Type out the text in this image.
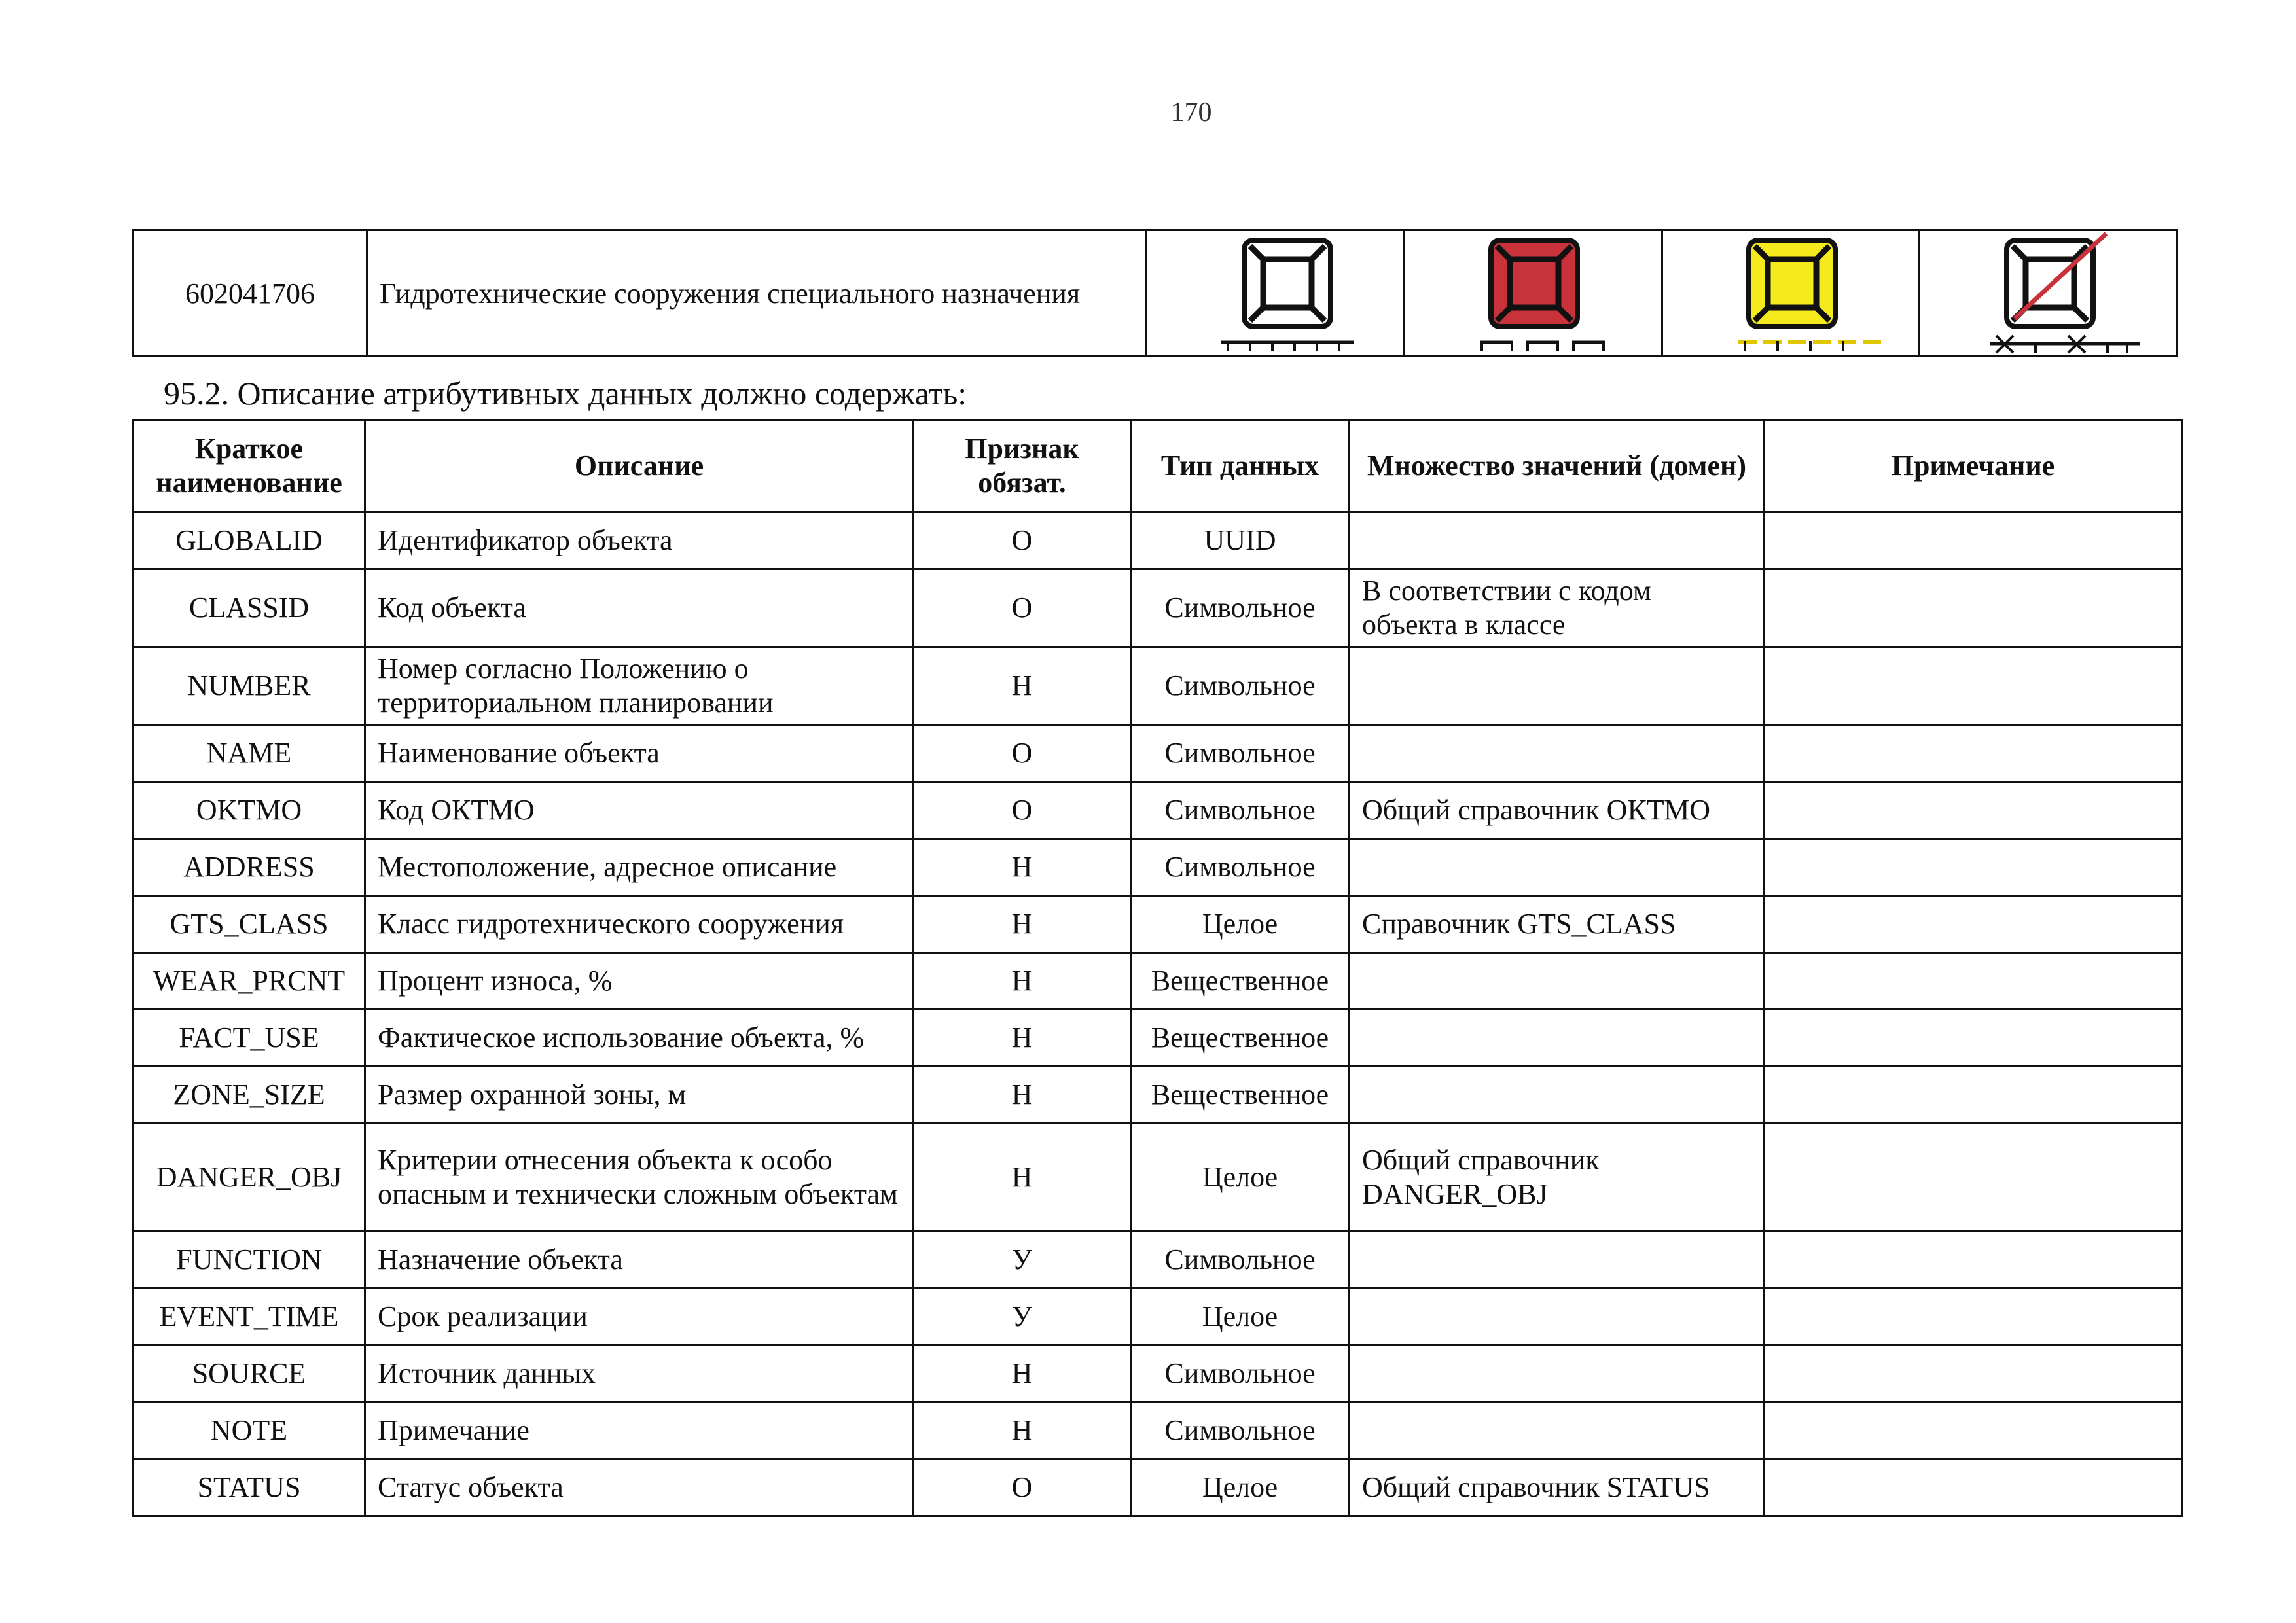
170
602041706	Гидротехнические сооружения специального назначения	

95.2. Описание атрибутивных данных должно содержать:
Краткое наименование	Описание	Признак обязат.	Тип данных	Множество значений (домен)	Примечание
GLOBALID	Идентификатор объекта	О	UUID		
CLASSID	Код объекта	О	Символьное	В соответствии с кодом объекта в классе	
NUMBER	Номер согласно Положению о территориальном планировании	Н	Символьное		
NAME	Наименование объекта	О	Символьное		
OKTMO	Код ОКТМО	О	Символьное	Общий справочник ОКТМО	
ADDRESS	Местоположение, адресное описание	Н	Символьное		
GTS_CLASS	Класс гидротехнического сооружения	Н	Целое	Справочник GTS_CLASS	
WEAR_PRCNT	Процент износа, %	Н	Вещественное		
FACT_USE	Фактическое использование объекта, %	Н	Вещественное		
ZONE_SIZE	Размер охранной зоны, м	Н	Вещественное		
DANGER_OBJ	Критерии отнесения объекта к особо опасным и технически сложным объектам	Н	Целое	Общий справочник DANGER_OBJ	
FUNCTION	Назначение объекта	У	Символьное		
EVENT_TIME	Срок реализации	У	Целое		
SOURCE	Источник данных	Н	Символьное		
NOTE	Примечание	Н	Символьное		
STATUS	Статус объекта	О	Целое	Общий справочник STATUS	
